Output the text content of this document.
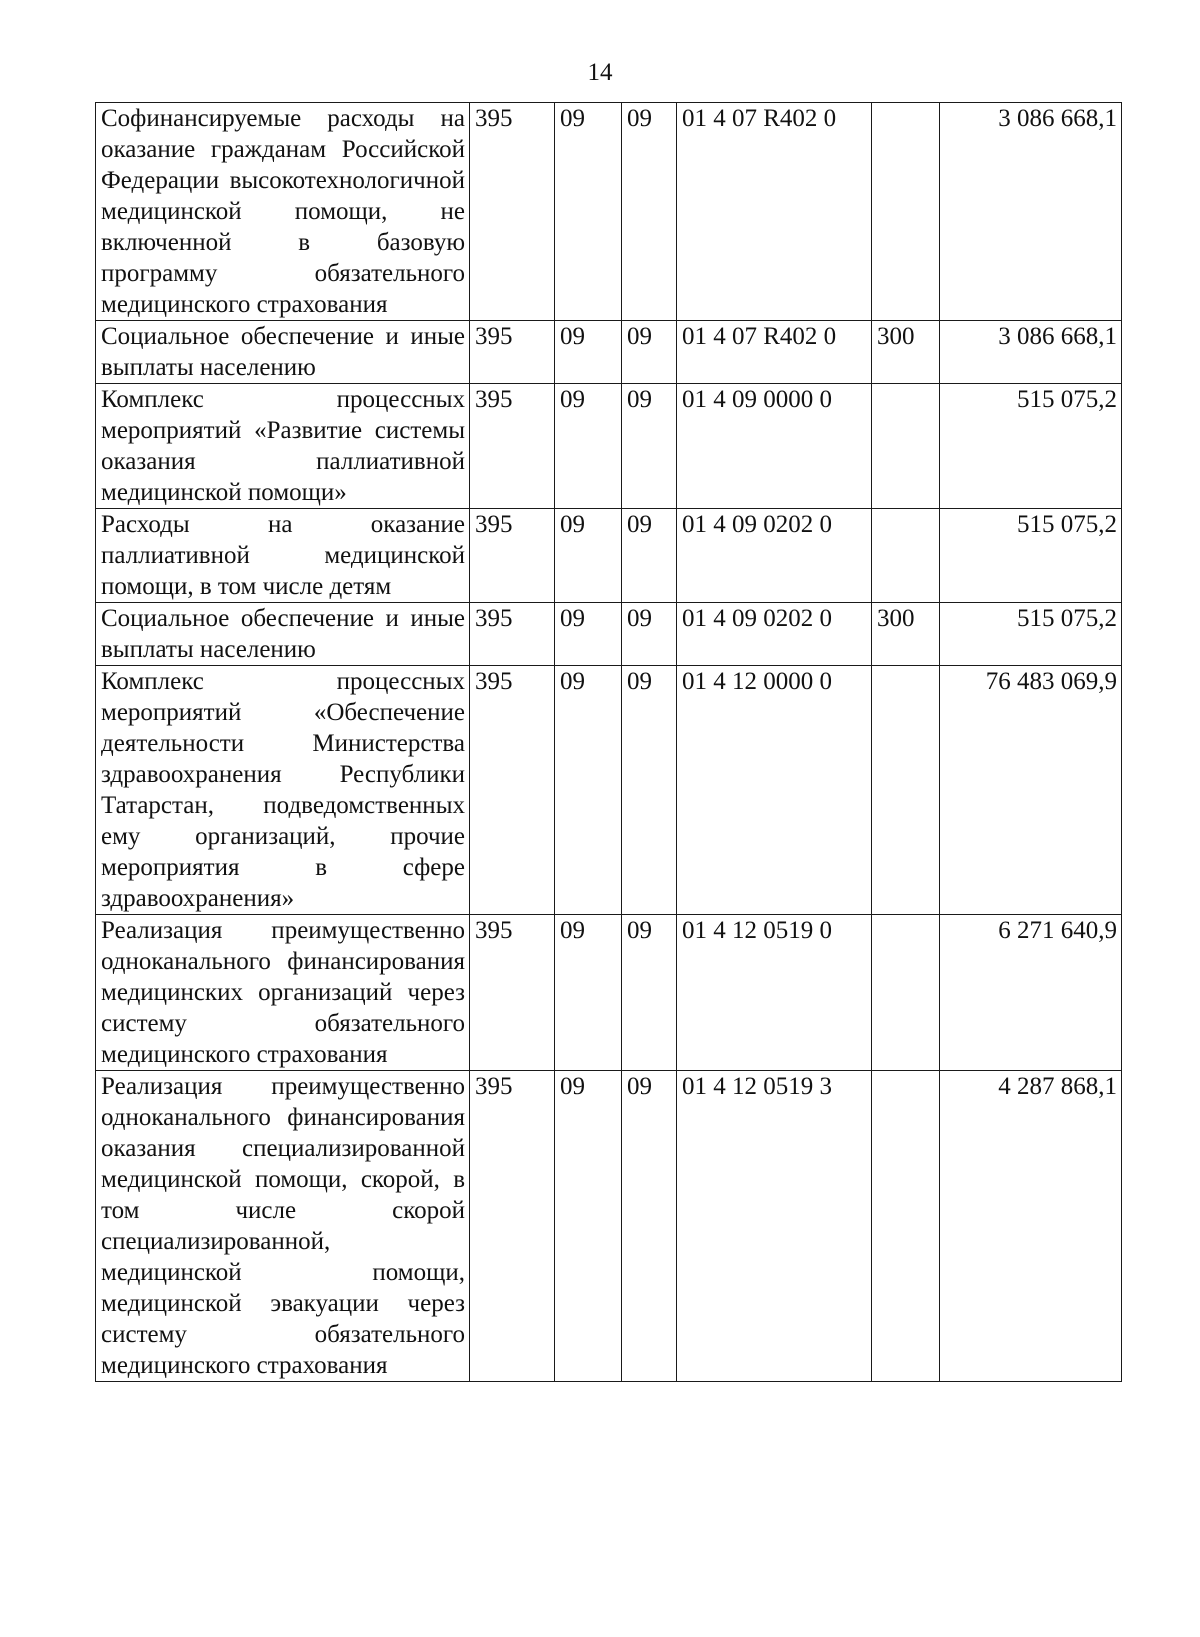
14
Софинансируемые расходы на оказание гражданам Российской Федерации высокотехнологичной медицинской помощи, не включенной в базовую программу обязательного медицинского страхования	395	09	09	01 4 07 R402 0		3 086 668,1
Социальное обеспечение и иные выплаты населению	395	09	09	01 4 07 R402 0	300	3 086 668,1
Комплекс процессных мероприятий «Развитие системы оказания паллиативной медицинской помощи»	395	09	09	01 4 09 0000 0		515 075,2
Расходы на оказание паллиативной медицинской помощи, в том числе детям	395	09	09	01 4 09 0202 0		515 075,2
Социальное обеспечение и иные выплаты населению	395	09	09	01 4 09 0202 0	300	515 075,2
Комплекс процессных мероприятий «Обеспечение деятельности Министерства здравоохранения Республики Татарстан, подведомственных ему организаций, прочие мероприятия в сфере здравоохранения»	395	09	09	01 4 12 0000 0		76 483 069,9
Реализация преимущественно одноканального финансирования медицинских организаций через систему обязательного медицинского страхования	395	09	09	01 4 12 0519 0		6 271 640,9
Реализация преимущественно одноканального финансирования оказания специализированной медицинской помощи, скорой, в том числе скорой специализированной, медицинской помощи, медицинской эвакуации через систему обязательного медицинского страхования	395	09	09	01 4 12 0519 3		4 287 868,1
